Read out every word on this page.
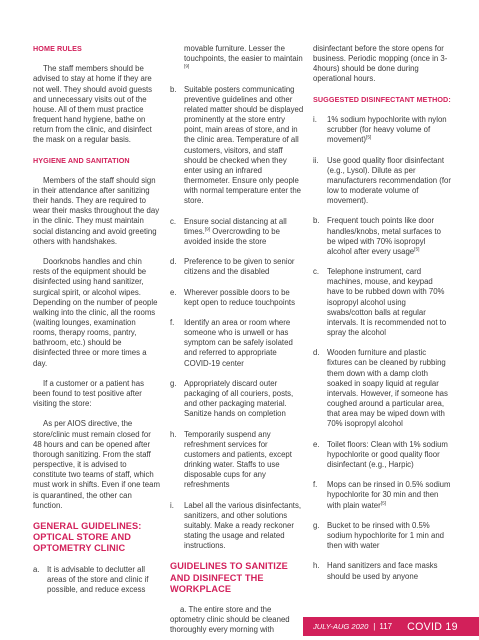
HOME RULES

The staff members should be advised to stay at home if they are not well. They should avoid guests and unnecessary visits out of the house. All of them must practice frequent hand hygiene, bathe on return from the clinic, and disinfect the mask on a regular basis.

HYGIENE AND SANITATION

Members of the staff should sign in their attendance after sanitizing their hands. They are required to wear their masks throughout the day in the clinic. They must maintain social distancing and avoid greeting others with handshakes.

Doorknobs handles and chin rests of the equipment should be disinfected using hand sanitizer, surgical spirit, or alcohol wipes. Depending on the number of people walking into the clinic, all the rooms (waiting lounges, examination rooms, therapy rooms, pantry, bathroom, etc.) should be disinfected three or more times a day.

If a customer or a patient has been found to test positive after visiting the store:

As per AIOS directive, the store/clinic must remain closed for 48 hours and can be opened after thorough sanitizing. From the staff perspective, it is advised to constitute two teams of staff, which must work in shifts. Even if one team is quarantined, the other can function.

GENERAL GUIDELINES: OPTICAL STORE AND OPTOMETRY CLINIC
a. It is advisable to declutter all areas of the store and clinic if possible, and reduce excess
movable furniture. Lesser the touchpoints, the easier to maintain [9]
b. Suitable posters communicating preventive guidelines and other related matter should be displayed prominently at the store entry point, main areas of store, and in the clinic area. Temperature of all customers, visitors, and staff should be checked when they enter using an infrared thermometer. Ensure only people with normal temperature enter the store.
c.	Ensure social distancing at all times.[9] Overcrowding to be avoided inside the store
d. Preference to be given to senior citizens and the disabled
e. Wherever possible doors to be kept open to reduce touchpoints
f.	Identify an area or room where someone who is unwell or has symptom can be safely isolated and referred to appropriate COVID-19 center
g. Appropriately discard outer packaging of all couriers, posts, and other packaging material. Sanitize hands on completion
h. Temporarily suspend any refreshment services for customers and patients, except drinking water. Staffs to use disposable cups for any refreshments
i.	Label all the various disinfectants, sanitizers, and other solutions suitably. Make a ready reckoner stating the usage and related instructions.
GUIDELINES TO SANITIZE AND DISINFECT THE WORKPLACE

a. The entire store and the optometry clinic should be cleaned thoroughly every morning with

disinfectant before the store opens for business. Periodic mopping (once in 3-4hours) should be done during operational hours.

SUGGESTED DISINFECTANT METHOD:
i.	1% sodium hypochlorite with nylon scrubber (for heavy volume of movement)[5]
ii.	Use good quality floor disinfectant (e.g., Lysol). Dilute as per manufacturers recommendation (for low to moderate volume of movement).
b. Frequent touch points like door handles/knobs, metal surfaces to be wiped with 70% isopropyl alcohol after every usage[5]
c.	Telephone instrument, card machines, mouse, and keypad have to be rubbed down with 70% isopropyl alcohol using swabs/cotton balls at regular intervals. It is recommended not to spray the alcohol
d. Wooden furniture and plastic fixtures can be cleaned by rubbing them down with a damp cloth soaked in soapy liquid at regular intervals. However, if someone has coughed around a particular area, that area may be wiped down with 70% isopropyl alcohol
e. Toilet floors: Clean with 1% sodium hypochlorite or good quality floor disinfectant (e.g., Harpic)
f.	Mops can be rinsed in 0.5% sodium hypochlorite for 30 min and then with plain water[5]
g. Bucket to be rinsed with 0.5% sodium hypochlorite for 1 min and then with water
h. Hand sanitizers and face masks should be used by anyone
JULY-AUG 2020 | 117 COVID 19
